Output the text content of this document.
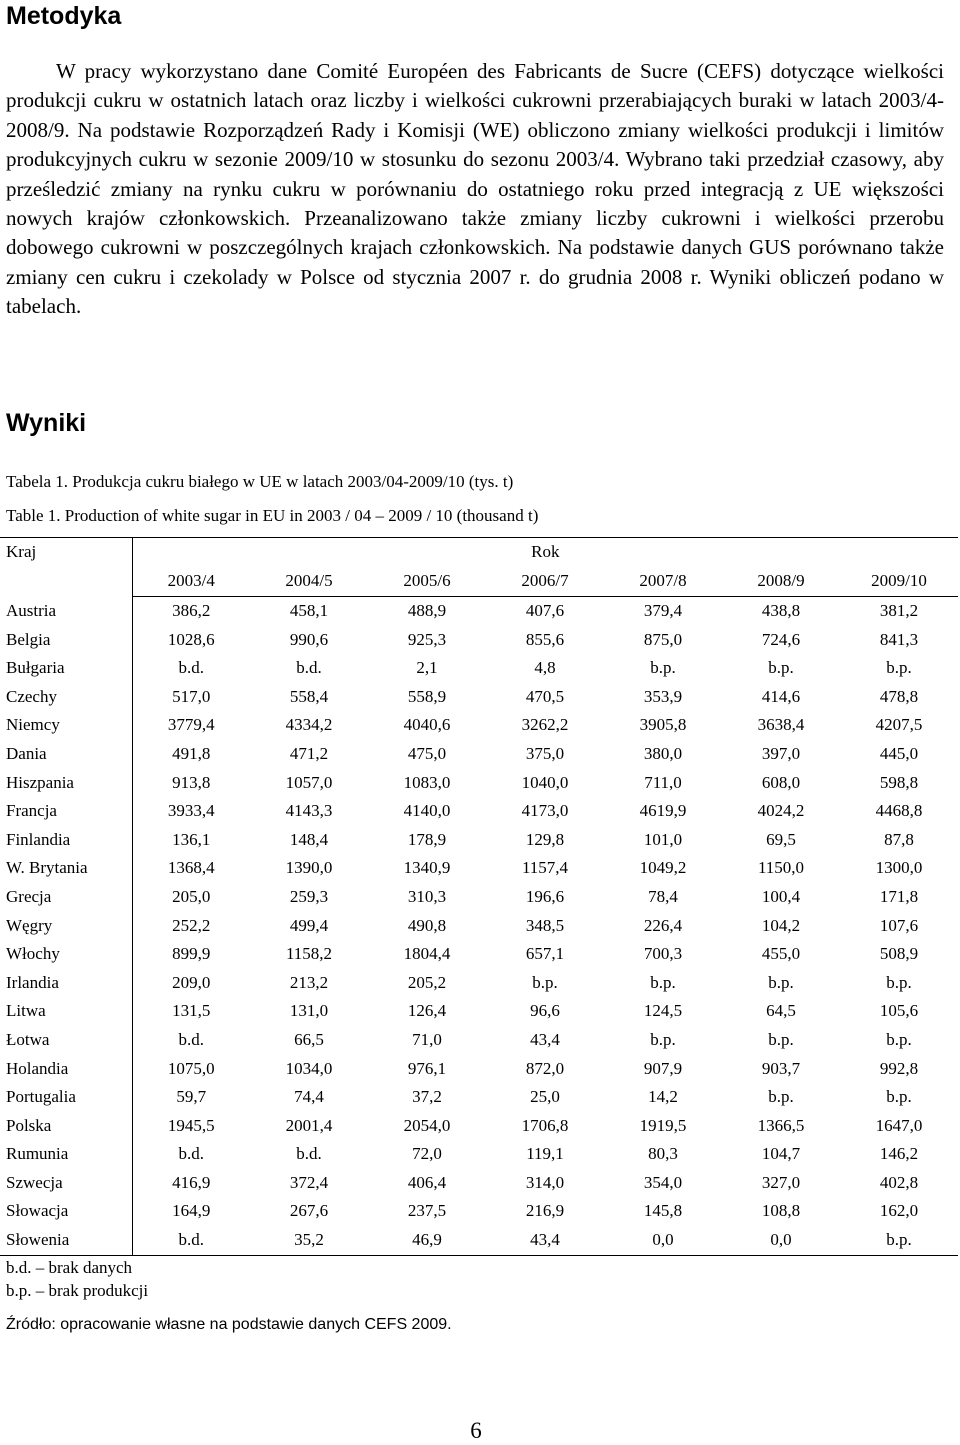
Metodyka

W pracy wykorzystano dane Comité Européen des Fabricants de Sucre (CEFS) dotyczące wielkości produkcji cukru w ostatnich latach oraz liczby i wielkości cukrowni przerabiających buraki w latach 2003/4-2008/9. Na podstawie Rozporządzeń Rady i Komisji (WE) obliczono zmiany wielkości produkcji i limitów produkcyjnych cukru w sezonie 2009/10 w stosunku do sezonu 2003/4. Wybrano taki przedział czasowy, aby prześledzić zmiany na rynku cukru w porównaniu do ostatniego roku przed integracją z UE większości nowych krajów członkowskich. Przeanalizowano także zmiany liczby cukrowni i wielkości przerobu dobowego cukrowni w poszczególnych krajach członkowskich. Na podstawie danych GUS porównano także zmiany cen cukru i czekolady w Polsce od stycznia 2007 r. do grudnia 2008 r. Wyniki obliczeń podano w tabelach.

Wyniki

Tabela 1. Produkcja cukru białego w UE w latach 2003/04-2009/10 (tys. t)

Table 1. Production of white sugar in EU in 2003 / 04 – 2009 / 10 (thousand t)

Kraj	Rok						
	2003/4	2004/5	2005/6	2006/7	2007/8	2008/9	2009/10
Austria	386,2	458,1	488,9	407,6	379,4	438,8	381,2
Belgia	1028,6	990,6	925,3	855,6	875,0	724,6	841,3
Bułgaria	b.d.	b.d.	2,1	4,8	b.p.	b.p.	b.p.
Czechy	517,0	558,4	558,9	470,5	353,9	414,6	478,8
Niemcy	3779,4	4334,2	4040,6	3262,2	3905,8	3638,4	4207,5
Dania	491,8	471,2	475,0	375,0	380,0	397,0	445,0
Hiszpania	913,8	1057,0	1083,0	1040,0	711,0	608,0	598,8
Francja	3933,4	4143,3	4140,0	4173,0	4619,9	4024,2	4468,8
Finlandia	136,1	148,4	178,9	129,8	101,0	69,5	87,8
W. Brytania	1368,4	1390,0	1340,9	1157,4	1049,2	1150,0	1300,0
Grecja	205,0	259,3	310,3	196,6	78,4	100,4	171,8
Węgry	252,2	499,4	490,8	348,5	226,4	104,2	107,6
Włochy	899,9	1158,2	1804,4	657,1	700,3	455,0	508,9
Irlandia	209,0	213,2	205,2	b.p.	b.p.	b.p.	b.p.
Litwa	131,5	131,0	126,4	96,6	124,5	64,5	105,6
Łotwa	b.d.	66,5	71,0	43,4	b.p.	b.p.	b.p.
Holandia	1075,0	1034,0	976,1	872,0	907,9	903,7	992,8
Portugalia	59,7	74,4	37,2	25,0	14,2	b.p.	b.p.
Polska	1945,5	2001,4	2054,0	1706,8	1919,5	1366,5	1647,0
Rumunia	b.d.	b.d.	72,0	119,1	80,3	104,7	146,2
Szwecja	416,9	372,4	406,4	314,0	354,0	327,0	402,8
Słowacja	164,9	267,6	237,5	216,9	145,8	108,8	162,0
Słowenia	b.d.	35,2	46,9	43,4	0,0	0,0	b.p.
b.d. – brak danych
b.p. – brak produkcji

Źródło: opracowanie własne na podstawie danych CEFS 2009.

6
